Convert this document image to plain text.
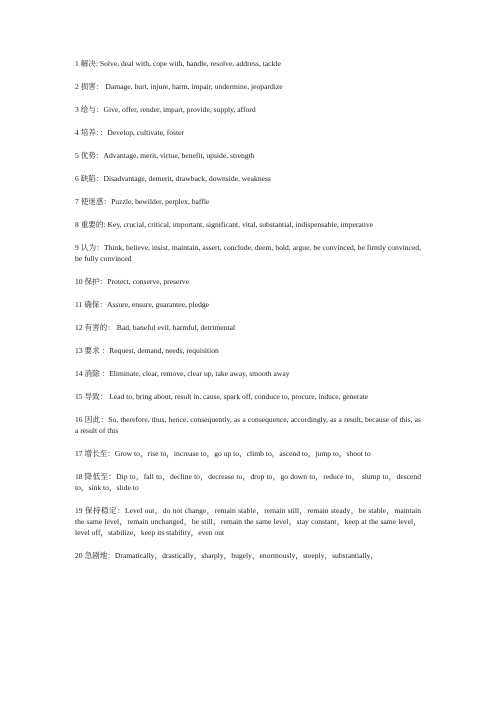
1 解决: Solve, deal with, cope with, handle, resolve, address, tackle

2 损害： Damage, hurt, injure, harm, impair, undermine, jeopardize

3 给与：Give, offer, render, impart, provide, supply, afford

4 培养：：Develop, cultivate, foster

5 优势：Advantage, merit, virtue, benefit, upside, strength

6 缺陷：Disadvantage, demerit, drawback, downside, weakness

7 使迷惑：Puzzle, bewilder, perplex, baffle

8 重要的: Key, crucial, critical, important, significant, vital, substantial, indispensable, imperative

9 认为：Think, believe, insist, maintain, assert, conclude, deem, hold, argue, be convinced, be firmly convinced, be fully convinced

10 保护：Protect, conserve, preserve

11 确保：Assure, ensure, guarantee, pledge

12 有害的： Bad, baneful evil, harmful, detrimental

13 要求 ：Request, demand, needs, requisition

14 消除 ：Eliminate, clear, remove, clear up, take away, smooth away

15 导致： Lead to, bring about, result in, cause, spark off, conduce to, procure, induce, generate

16 因此：So, therefore, thus, hence, consequently, as a consequence, accordingly, as a result, because of this, as a result of this

17 增长至：Grow to，rise to，increase to，go up to，climb to，ascend to，jump to，shoot to

18 降低至：Dip to，fall to，decline to，decrease to，drop to，go down to，reduce to， slump to，descend to，sink to，slide to

19 保持稳定：Level out，do not change，remain stable，remain still，remain steady，be stable，maintain the same level，remain unchanged，be still，remain the same level，stay constant，keep at the same level，level off，stabilize，keep its stability，even out

20 急剧地：Dramatically，drastically，sharply，hugely，enormously，steeply，substantially，
